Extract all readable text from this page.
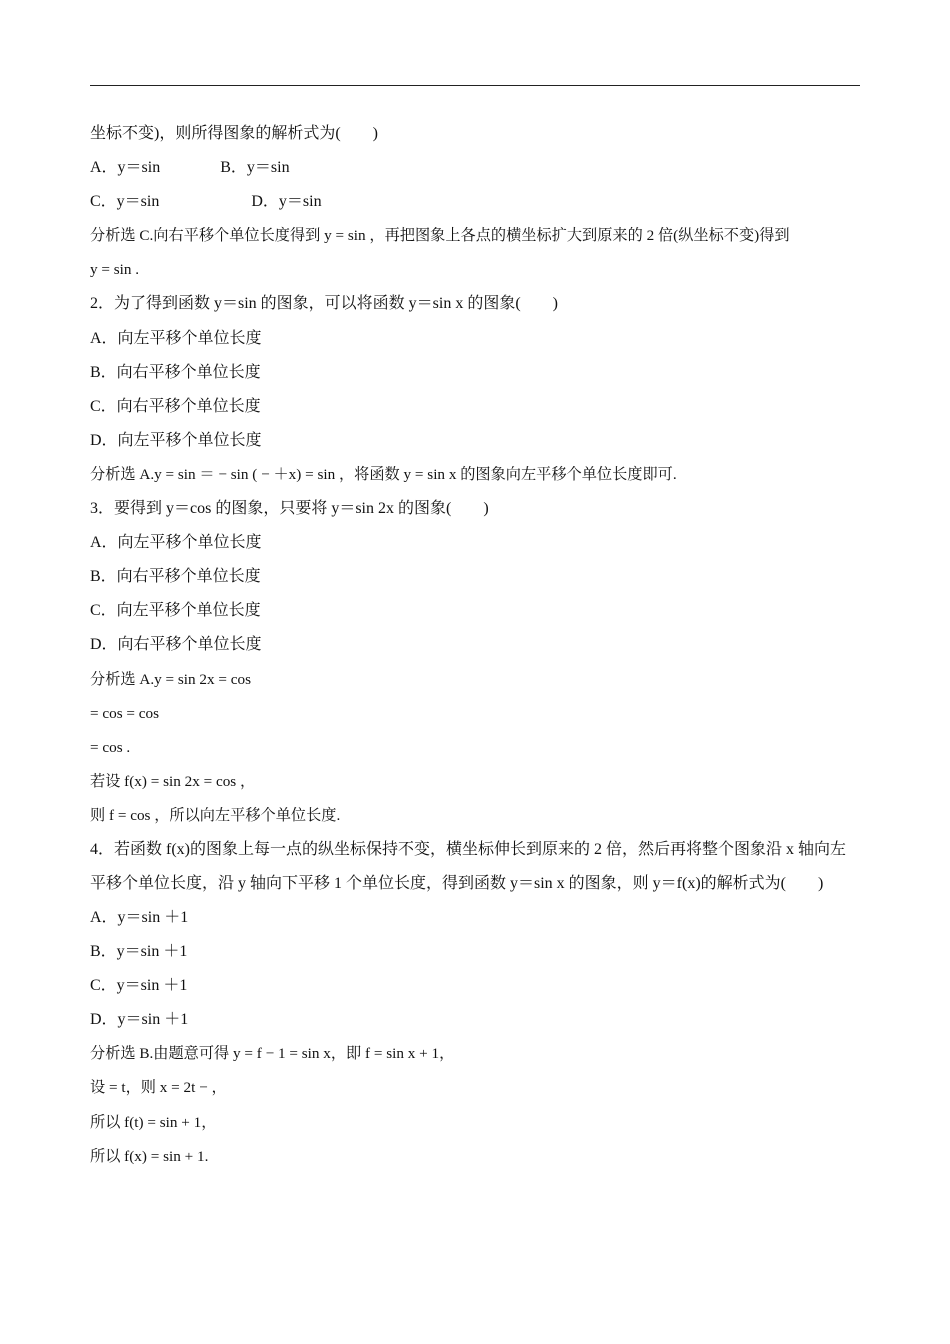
坐标不变)，则所得图象的解析式为(　　)
A．y＝sin	B．y＝sin
C．y＝sin	D．y＝sin
分析选 C.向右平移个单位长度得到 y = sin ，再把图象上各点的横坐标扩大到原来的 2 倍(纵坐标不变)得到
y = sin .
2．为了得到函数 y＝sin 的图象，可以将函数 y＝sin x 的图象(　　)
A．向左平移个单位长度
B．向右平移个单位长度
C．向右平移个单位长度
D．向左平移个单位长度
分析选 A.y = sin ＝ − sin ( − ＋x) = sin ，将函数 y = sin x 的图象向左平移个单位长度即可.
3．要得到 y＝cos 的图象，只要将 y＝sin 2x 的图象(　　)
A．向左平移个单位长度
B．向右平移个单位长度
C．向左平移个单位长度
D．向右平移个单位长度
分析选 A.y = sin 2x = cos
= cos = cos
= cos .
若设 f(x) = sin 2x = cos ，
则 f = cos ，所以向左平移个单位长度.
4．若函数 f(x)的图象上每一点的纵坐标保持不变，横坐标伸长到原来的 2 倍，然后再将整个图象沿 x 轴向左平移个单位长度，沿 y 轴向下平移 1 个单位长度，得到函数 y＝sin x 的图象，则 y＝f(x)的解析式为(　　)
A．y＝sin ＋1
B．y＝sin ＋1
C．y＝sin ＋1
D．y＝sin ＋1
分析选 B.由题意可得 y = f − 1 = sin x，即 f = sin x + 1，
设 = t，则 x = 2t − ，
所以 f(t) = sin + 1，
所以 f(x) = sin + 1.
